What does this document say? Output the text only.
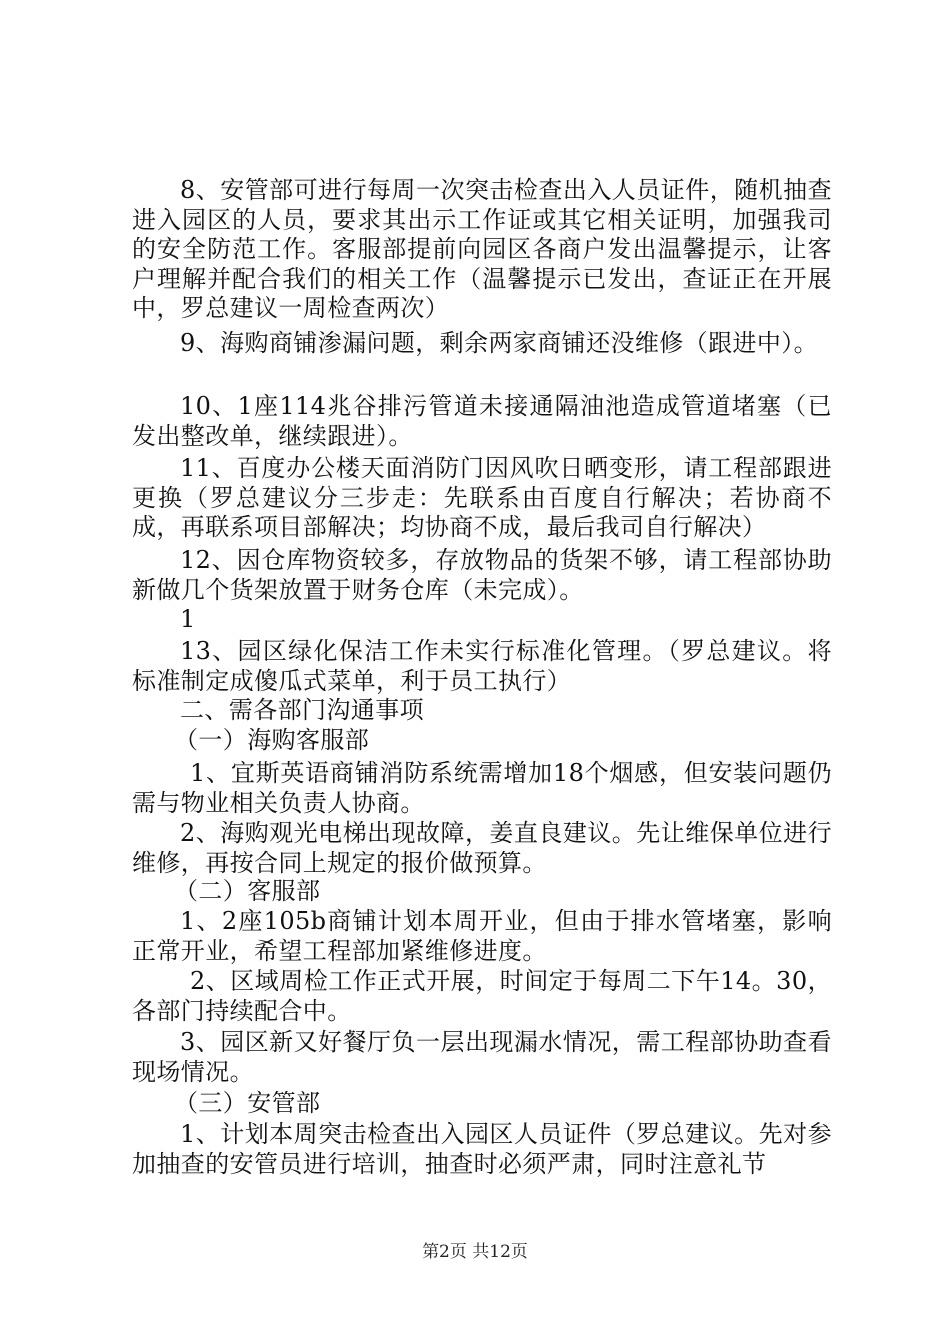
8、安管部可进行每周一次突击检查出入人员证件，随机抽查进入园区的人员，要求其出示工作证或其它相关证明，加强我司的安全防范工作。客服部提前向园区各商户发出温馨提示，让客户理解并配合我们的相关工作（温馨提示已发出，查证正在开展中，罗总建议一周检查两次）

9、海购商铺渗漏问题，剩余两家商铺还没维修（跟进中）。

10、1座114兆谷排污管道未接通隔油池造成管道堵塞（已发出整改单，继续跟进）。

11、百度办公楼天面消防门因风吹日晒变形，请工程部跟进更换（罗总建议分三步走：先联系由百度自行解决；若协商不成，再联系项目部解决；均协商不成，最后我司自行解决）

12、因仓库物资较多，存放物品的货架不够，请工程部协助新做几个货架放置于财务仓库（未完成）。

1

13、园区绿化保洁工作未实行标准化管理。（罗总建议。将标准制定成傻瓜式菜单，利于员工执行）

二、需各部门沟通事项

（一）海购客服部

1、宜斯英语商铺消防系统需增加18个烟感，但安装问题仍需与物业相关负责人协商。

2、海购观光电梯出现故障，姜直良建议。先让维保单位进行维修，再按合同上规定的报价做预算。

（二）客服部

1、2座105b商铺计划本周开业，但由于排水管堵塞，影响正常开业，希望工程部加紧维修进度。

2、区域周检工作正式开展，时间定于每周二下午14。30，各部门持续配合中。

3、园区新又好餐厅负一层出现漏水情况，需工程部协助查看现场情况。

（三）安管部

1、计划本周突击检查出入园区人员证件（罗总建议。先对参加抽查的安管员进行培训，抽查时必须严肃，同时注意礼节

第2页 共12页
